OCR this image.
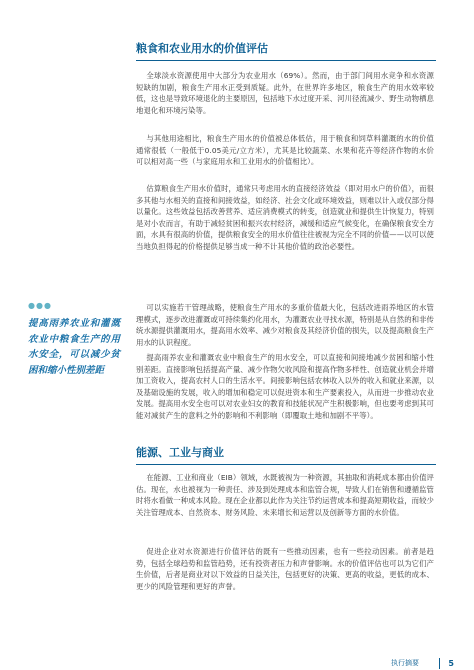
粮食和农业用水的价值评估

全球淡水资源使用中大部分为农业用水（69%）。然而，由于部门间用水竞争和水资源短缺的加剧，粮食生产用水正受到质疑。此外，在世界许多地区，粮食生产的用水效率较低，这也是导致环境退化的主要原因，包括地下水过度开采、河川径流减少、野生动物栖息地退化和环境污染等。

与其他用途相比，粮食生产用水的价值被总体低估，用于粮食和饲草料灌溉的水的价值通常很低（一般低于0.05美元/立方米），尤其是比较蔬菜、水果和花卉等经济作物的水价可以相对高一些（与家庭用水和工业用水的价值相比）。

估算粮食生产用水价值时，通常只考虑用水的直接经济效益（即对用水户的价值），而很多其他与水相关的直接和间接效益，如经济、社会文化或环境效益，则难以计入或仅部分得以量化。这些效益包括改善营养、适应消费模式的转变，创造就业和提供生计恢复力，特别是对小农而言，有助于减轻贫困和振兴农村经济，减缓和适应气候变化，在确保粮食安全方面，水具有很高的价值，提供粮食安全的用水价值往往被视为完全不同的价值——以可以使当地负担得起的价格提供足够当成一种不计其他价值的政治必要性。

可以实施若干管理战略，使粮食生产用水的多重价值最大化，包括改进雨养地区的水管理模式，逐步改进灌溉或可持续集约化用水，为灌溉农业寻找水源，特别是从自然的和非传统水源提供灌溉用水，提高用水效率、减少对粮食及其经济价值的损失，以及提高粮食生产用水的认识程度。

提高雨养农业和灌溉农业中粮食生产的用水安全，可以直接和间接地减少贫困和缩小性别差距。直接影响包括提高产量、减少作物欠收风险和提高作物多样性、创造就业机会并增加工资收入，提高农村人口的生活水平。间接影响包括农林收入以外的收入和就业来源，以及基础设施的发展，收入的增加和稳定可以促进资本和生产要素投入，从而进一步推动农业发展。提高用水安全也可以对农业妇女的教育和技能状况产生积极影响，但也要考虑到其可能对减贫产生的意料之外的影响和不利影响（即覆取土地和加剧不平等）。

●●●
提高雨养农业和灌溉农业中粮食生产的用水安全，可以减少贫困和缩小性别差距
能源、工业与商业

在能源、工业和商业（EIB）领域，水既被视为一种资源，其抽取和消耗成本都由价值评估。现在，水也被视为一种责任、涉及到处理成本和监管合规，导致人们在销售和遵循监管时将水看做一种成本风险。现在企业都以此作为关注节约运营成本和提高短期收益，而较少关注管理成本、自然资本、财务风险、未来增长和运营以及创新等方面的水价值。

促进企业对水资源进行价值评估的既有一些推动因素，也有一些拉动因素。前者是趋势，包括全球趋势和监管趋势，还有投资者压力和声誉影响。水的价值评估也可以为它们产生价值，后者是商业对以下效益的日益关注，包括更好的决策、更高的收益，更低的成本、更少的风险管理和更好的声誉。

执行摘要	5
